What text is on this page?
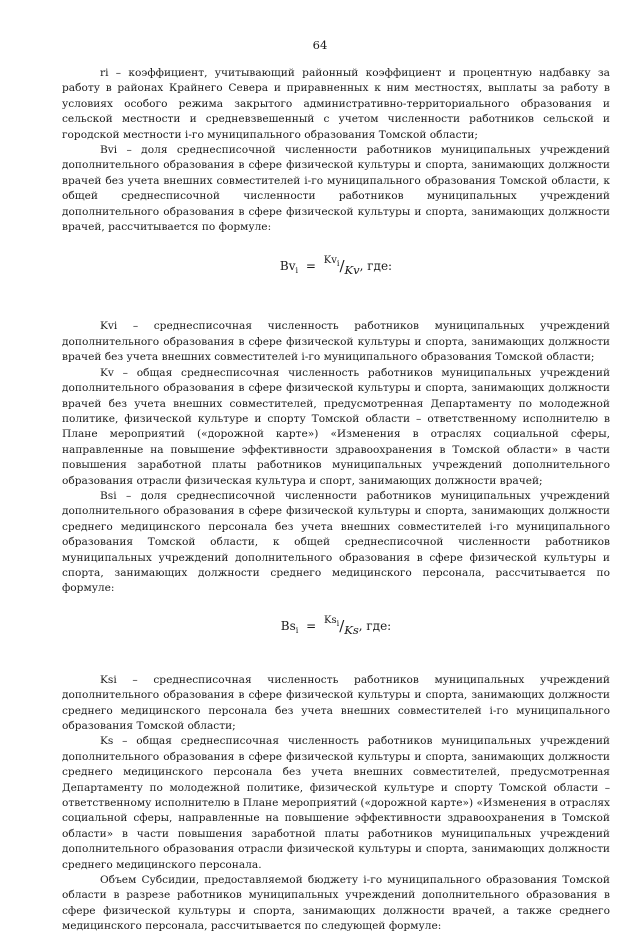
64

ri – коэффициент, учитывающий районный коэффициент и процентную надбавку за работу в районах Крайнего Севера и приравненных к ним местностях, выплаты за работу в условиях особого режима закрытого административно-территориального образования и сельской местности и средневзвешенный с учетом численности работников сельской и городской местности i-го муниципального образования Томской области;

Bvi – доля среднесписочной численности работников муниципальных учреждений дополнительного образования в сфере физической культуры и спорта, занимающих должности врачей без учета внешних совместителей i-го муниципального образования Томской области, к общей среднесписочной численности работников муниципальных учреждений дополнительного образования в сфере физической культуры и спорта, занимающих должности врачей, рассчитывается по формуле:

$Bv_i = ^{Kv_i}/Kv$, где:

Kvi – среднесписочная численность работников муниципальных учреждений дополнительного образования в сфере физической культуры и спорта, занимающих должности врачей без учета внешних совместителей i-го муниципального образования Томской области;

Kv – общая среднесписочная численность работников муниципальных учреждений дополнительного образования в сфере физической культуры и спорта, занимающих должности врачей без учета внешних совместителей, предусмотренная Департаменту по молодежной политике, физической культуре и спорту Томской области – ответственному исполнителю в Плане мероприятий («дорожной карте») «Изменения в отраслях социальной сферы, направленные на повышение эффективности здравоохранения в Томской области» в части повышения заработной платы работников муниципальных учреждений дополнительного образования отрасли физическая культура и спорт, занимающих должности врачей;

Bsi – доля среднесписочной численности работников муниципальных учреждений дополнительного образования в сфере физической культуры и спорта, занимающих должности среднего медицинского персонала без учета внешних совместителей i-го муниципального образования Томской области, к общей среднесписочной численности работников муниципальных учреждений дополнительного образования в сфере физической культуры и спорта, занимающих должности среднего медицинского персонала, рассчитывается по формуле:

$Bs_i = ^{Ks_i}/Ks$, где:

Ksi – среднесписочная численность работников муниципальных учреждений дополнительного образования в сфере физической культуры и спорта, занимающих должности среднего медицинского персонала без учета внешних совместителей i-го муниципального образования Томской области;

Ks – общая среднесписочная численность работников муниципальных учреждений дополнительного образования в сфере физической культуры и спорта, занимающих должности среднего медицинского персонала без учета внешних совместителей, предусмотренная Департаменту по молодежной политике, физической культуре и спорту Томской области – ответственному исполнителю в Плане мероприятий («дорожной карте») «Изменения в отраслях социальной сферы, направленные на повышение эффективности здравоохранения в Томской области» в части повышения заработной платы работников муниципальных учреждений дополнительного образования отрасли физической культуры и спорта, занимающих должности среднего медицинского персонала.

Объем Субсидии, предоставляемой бюджету i-го муниципального образования Томской области в разрезе работников муниципальных учреждений дополнительного образования в сфере физической культуры и спорта, занимающих должности врачей, а также среднего медицинского персонала, рассчитывается по следующей формуле:
